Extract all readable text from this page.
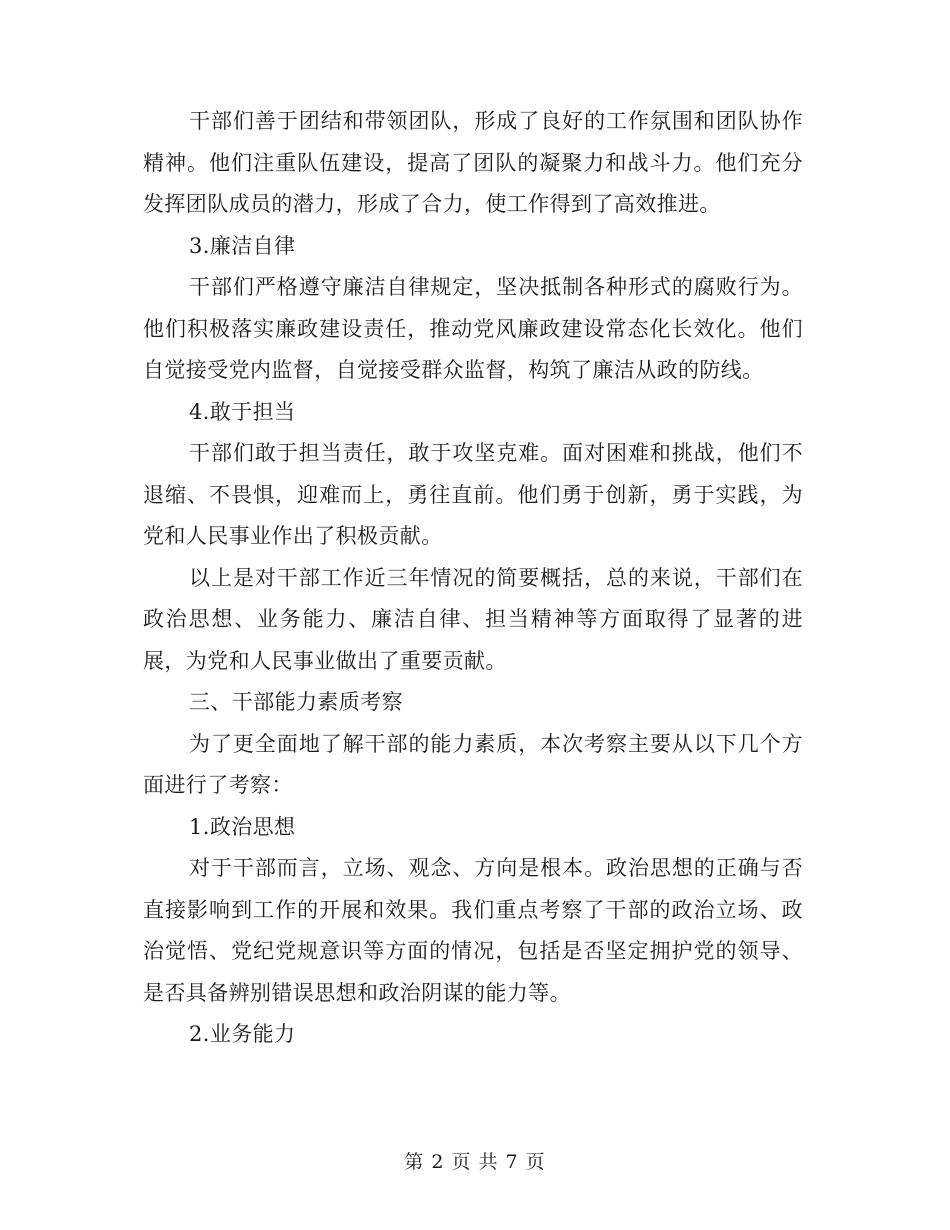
干部们善于团结和带领团队，形成了良好的工作氛围和团队协作精神。他们注重队伍建设，提高了团队的凝聚力和战斗力。他们充分发挥团队成员的潜力，形成了合力，使工作得到了高效推进。

3.廉洁自律

干部们严格遵守廉洁自律规定，坚决抵制各种形式的腐败行为。他们积极落实廉政建设责任，推动党风廉政建设常态化长效化。他们自觉接受党内监督，自觉接受群众监督，构筑了廉洁从政的防线。

4.敢于担当

干部们敢于担当责任，敢于攻坚克难。面对困难和挑战，他们不退缩、不畏惧，迎难而上，勇往直前。他们勇于创新，勇于实践，为党和人民事业作出了积极贡献。

以上是对干部工作近三年情况的简要概括，总的来说，干部们在政治思想、业务能力、廉洁自律、担当精神等方面取得了显著的进展，为党和人民事业做出了重要贡献。

三、干部能力素质考察

为了更全面地了解干部的能力素质，本次考察主要从以下几个方面进行了考察：

1.政治思想

对于干部而言，立场、观念、方向是根本。政治思想的正确与否直接影响到工作的开展和效果。我们重点考察了干部的政治立场、政治觉悟、党纪党规意识等方面的情况，包括是否坚定拥护党的领导、是否具备辨别错误思想和政治阴谋的能力等。

2.业务能力

第 2 页 共 7 页
